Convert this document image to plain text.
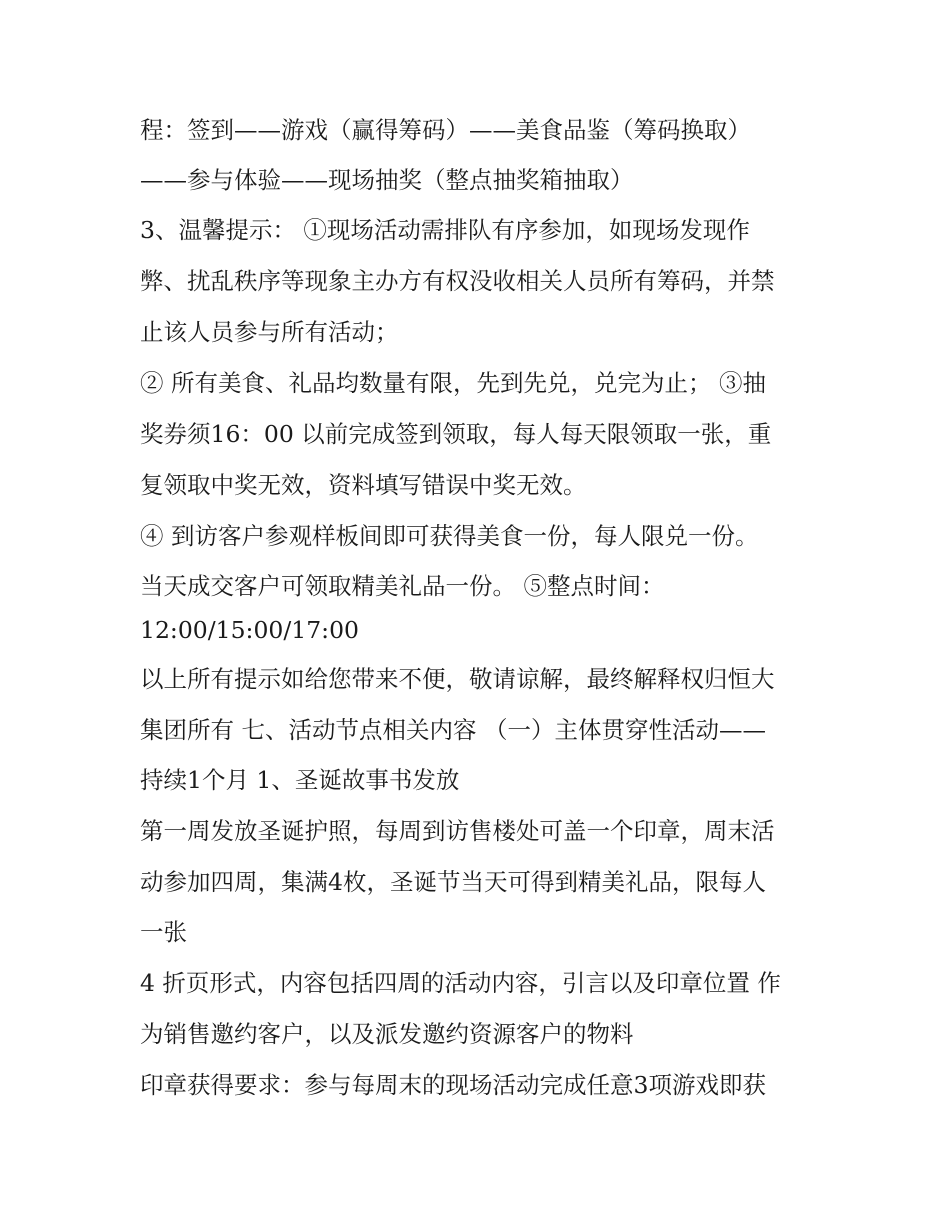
程：签到——游戏（赢得筹码）——美食品鉴（筹码换取）
——参与体验——现场抽奖（整点抽奖箱抽取）
3、温馨提示： ①现场活动需排队有序参加，如现场发现作
弊、扰乱秩序等现象主办方有权没收相关人员所有筹码，并禁
止该人员参与所有活动；
② 所有美食、礼品均数量有限，先到先兑，兑完为止； ③抽
奖券须16：00 以前完成签到领取，每人每天限领取一张，重
复领取中奖无效，资料填写错误中奖无效。
④ 到访客户参观样板间即可获得美食一份，每人限兑一份。
当天成交客户可领取精美礼品一份。 ⑤整点时间：
12:00/15:00/17:00
以上所有提示如给您带来不便，敬请谅解，最终解释权归恒大
集团所有 七、活动节点相关内容 （一）主体贯穿性活动——
持续1个月 1、圣诞故事书发放
第一周发放圣诞护照，每周到访售楼处可盖一个印章，周末活
动参加四周，集满4枚，圣诞节当天可得到精美礼品，限每人
一张
4 折页形式，内容包括四周的活动内容，引言以及印章位置 作
为销售邀约客户，以及派发邀约资源客户的物料
印章获得要求：参与每周末的现场活动完成任意3项游戏即获
